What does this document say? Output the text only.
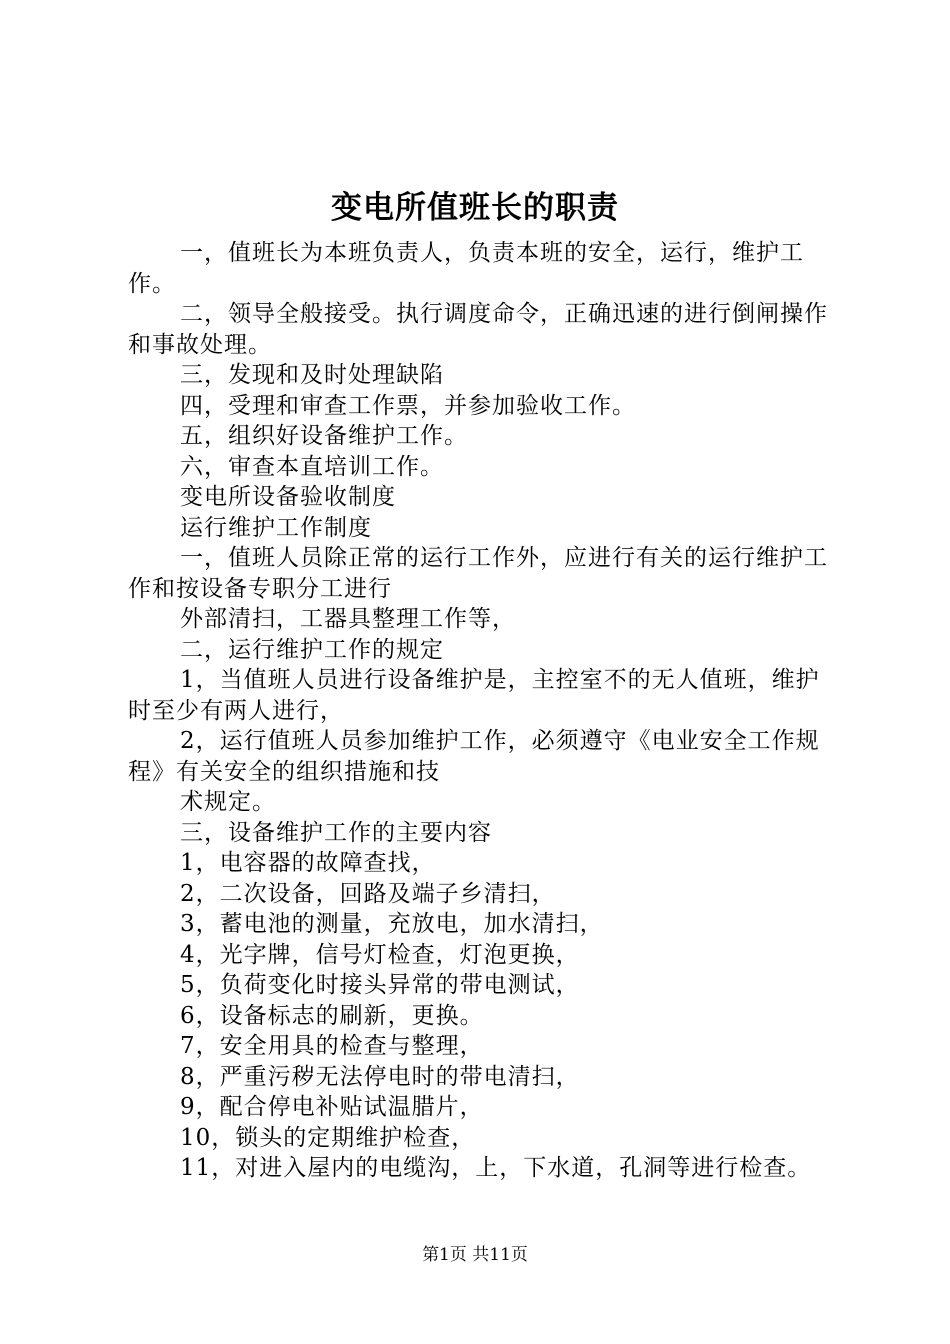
变电所值班长的职责

一，值班长为本班负责人，负责本班的安全，运行，维护工作。

二，领导全般接受。执行调度命令，正确迅速的进行倒闸操作和事故处理。

三，发现和及时处理缺陷

四，受理和审查工作票，并参加验收工作。

五，组织好设备维护工作。

六，审查本直培训工作。

变电所设备验收制度

运行维护工作制度

一，值班人员除正常的运行工作外，应进行有关的运行维护工作和按设备专职分工进行

外部清扫，工器具整理工作等，

二，运行维护工作的规定

1，当值班人员进行设备维护是，主控室不的无人值班，维护时至少有两人进行，

2，运行值班人员参加维护工作，必须遵守《电业安全工作规程》有关安全的组织措施和技

术规定。

三，设备维护工作的主要内容

1，电容器的故障查找，

2，二次设备，回路及端子乡清扫，

3，蓄电池的测量，充放电，加水清扫，

4，光字牌，信号灯检查，灯泡更换，

5，负荷变化时接头异常的带电测试，

6，设备标志的刷新，更换。

7，安全用具的检查与整理，

8，严重污秽无法停电时的带电清扫，

9，配合停电补贴试温腊片，

10，锁头的定期维护检查，

11，对进入屋内的电缆沟，上，下水道，孔洞等进行检查。

第1页 共11页
